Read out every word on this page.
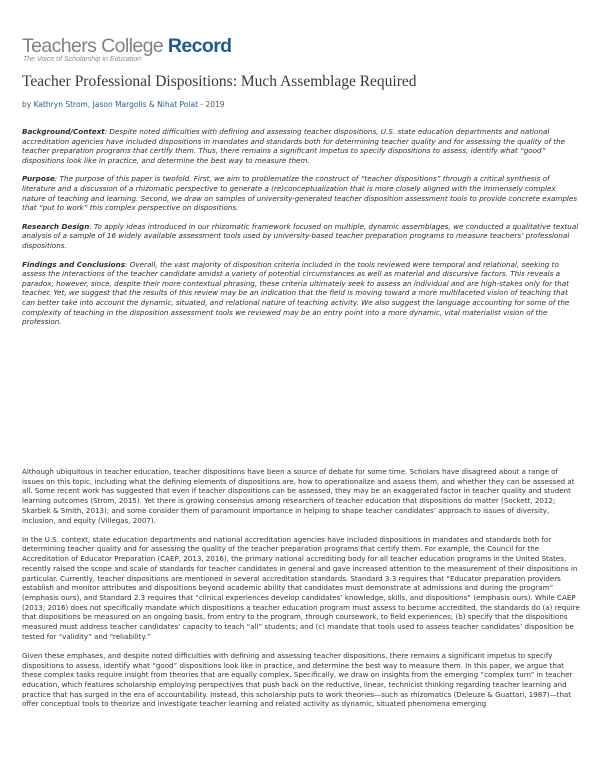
Teachers College Record
The Voice of Scholarship in Education
Teacher Professional Dispositions: Much Assemblage Required
by Kathryn Strom, Jason Margolis & Nihat Polat - 2019

Background/Context: Despite noted difficulties with defining and assessing teacher dispositions, U.S. state education departments and national accreditation agencies have included dispositions in mandates and standards both for determining teacher quality and for assessing the quality of the teacher preparation programs that certify them. Thus, there remains a significant impetus to specify dispositions to assess, identify what “good” dispositions look like in practice, and determine the best way to measure them.

Purpose: The purpose of this paper is twofold. First, we aim to problematize the construct of “teacher dispositions” through a critical synthesis of literature and a discussion of a rhizomatic perspective to generate a (re)conceptualization that is more closely aligned with the immensely complex nature of teaching and learning. Second, we draw on samples of university-generated teacher disposition assessment tools to provide concrete examples that “put to work” this complex perspective on dispositions.

Research Design: To apply ideas introduced in our rhizomatic framework focused on multiple, dynamic assemblages, we conducted a qualitative textual analysis of a sample of 16 widely available assessment tools used by university-based teacher preparation programs to measure teachers’ professional dispositions.

Findings and Conclusions: Overall, the vast majority of disposition criteria included in the tools reviewed were temporal and relational, seeking to assess the interactions of the teacher candidate amidst a variety of potential circumstances as well as material and discursive factors. This reveals a paradox, however, since, despite their more contextual phrasing, these criteria ultimately seek to assess an individual and are high-stakes only for that teacher. Yet, we suggest that the results of this review may be an indication that the field is moving toward a more multifaceted vision of teaching that can better take into account the dynamic, situated, and relational nature of teaching activity. We also suggest the language accounting for some of the complexity of teaching in the disposition assessment tools we reviewed may be an entry point into a more dynamic, vital materialist vision of the profession.

Although ubiquitous in teacher education, teacher dispositions have been a source of debate for some time. Scholars have disagreed about a range of issues on this topic, including what the defining elements of dispositions are, how to operationalize and assess them, and whether they can be assessed at all. Some recent work has suggested that even if teacher dispositions can be assessed, they may be an exaggerated factor in teacher quality and student learning outcomes (Strom, 2015). Yet there is growing consensus among researchers of teacher education that dispositions do matter (Sockett, 2012; Skarbek & Smith, 2013); and some consider them of paramount importance in helping to shape teacher candidates’ approach to issues of diversity, inclusion, and equity (Villegas, 2007).

In the U.S. context, state education departments and national accreditation agencies have included dispositions in mandates and standards both for determining teacher quality and for assessing the quality of the teacher preparation programs that certify them. For example, the Council for the Accreditation of Educator Preparation (CAEP, 2013, 2016), the primary national accrediting body for all teacher education programs in the United States, recently raised the scope and scale of standards for teacher candidates in general and gave increased attention to the measurement of their dispositions in particular. Currently, teacher dispositions are mentioned in several accreditation standards. Standard 3.3 requires that “Educator preparation providers establish and monitor attributes and dispositions beyond academic ability that candidates must demonstrate at admissions and during the program” (emphasis ours), and Standard 2.3 requires that “clinical experiences develop candidates’ knowledge, skills, and dispositions” (emphasis ours). While CAEP (2013; 2016) does not specifically mandate which dispositions a teacher education program must assess to become accredited, the standards do (a) require that dispositions be measured on an ongoing basis, from entry to the program, through coursework, to field experiences; (b) specify that the dispositions measured must address teacher candidates’ capacity to teach “all” students; and (c) mandate that tools used to assess teacher candidates’ disposition be tested for “validity” and “reliability.”

Given these emphases, and despite noted difficulties with defining and assessing teacher dispositions, there remains a significant impetus to specify dispositions to assess, identify what “good” dispositions look like in practice, and determine the best way to measure them. In this paper, we argue that these complex tasks require insight from theories that are equally complex. Specifically, we draw on insights from the emerging “complex turn” in teacher education, which features scholarship employing perspectives that push back on the reductive, linear, technicist thinking regarding teacher learning and practice that has surged in the era of accountability. Instead, this scholarship puts to work theories—such as rhizomatics (Deleuze & Guattari, 1987)—that offer conceptual tools to theorize and investigate teacher learning and related activity as dynamic, situated phenomena emerging
